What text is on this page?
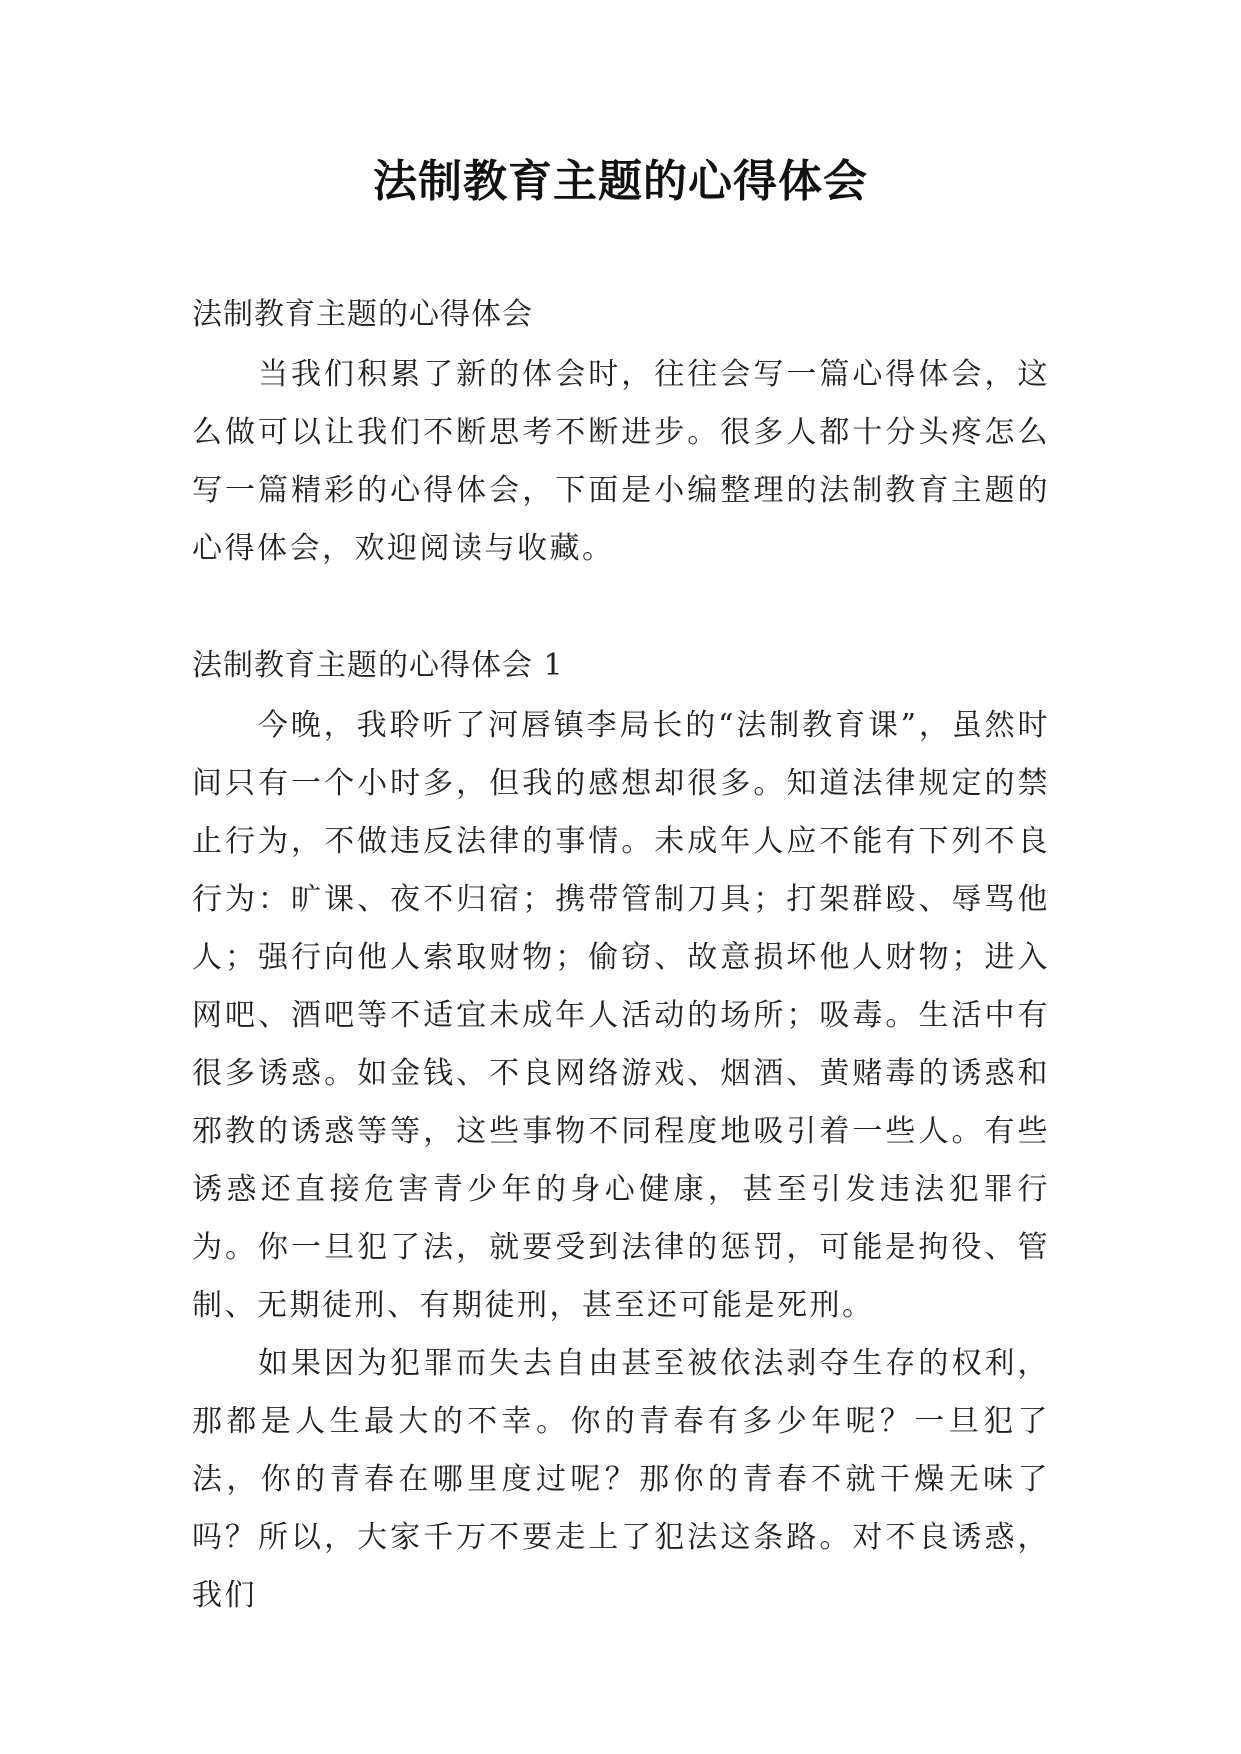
法制教育主题的心得体会

法制教育主题的心得体会

当我们积累了新的体会时，往往会写一篇心得体会，这么做可以让我们不断思考不断进步。很多人都十分头疼怎么写一篇精彩的心得体会，下面是小编整理的法制教育主题的心得体会，欢迎阅读与收藏。

法制教育主题的心得体会 1

今晚，我聆听了河唇镇李局长的“法制教育课”，虽然时间只有一个小时多，但我的感想却很多。知道法律规定的禁止行为，不做违反法律的事情。未成年人应不能有下列不良行为：旷课、夜不归宿；携带管制刀具；打架群殴、辱骂他人；强行向他人索取财物；偷窃、故意损坏他人财物；进入网吧、酒吧等不适宜未成年人活动的场所；吸毒。生活中有很多诱惑。如金钱、不良网络游戏、烟酒、黄赌毒的诱惑和邪教的诱惑等等，这些事物不同程度地吸引着一些人。有些诱惑还直接危害青少年的身心健康，甚至引发违法犯罪行为。你一旦犯了法，就要受到法律的惩罚，可能是拘役、管制、无期徒刑、有期徒刑，甚至还可能是死刑。

如果因为犯罪而失去自由甚至被依法剥夺生存的权利，那都是人生最大的不幸。你的青春有多少年呢？一旦犯了法，你的青春在哪里度过呢？那你的青春不就干燥无味了吗？所以，大家千万不要走上了犯法这条路。对不良诱惑，我们
